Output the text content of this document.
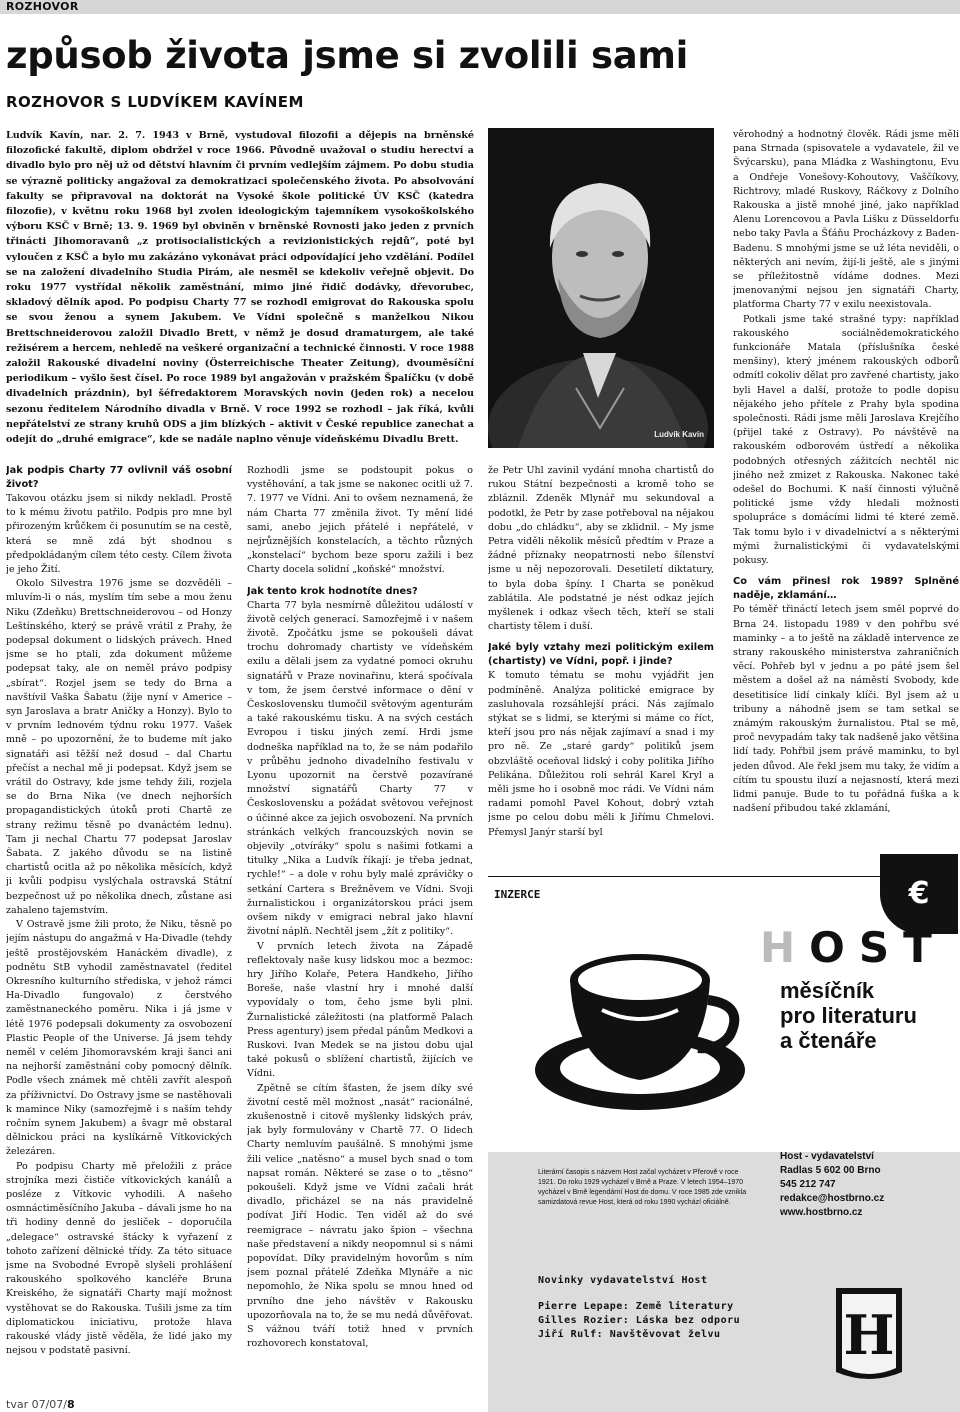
ROZHOVOR
způsob života jsme si zvolili sami
ROZHOVOR S LUDVÍKEM KAVÍNEM

Ludvík Kavín, nar. 2. 7. 1943 v Brně, vystudoval filozofii a dějepis na brněnské filozofické fakultě, diplom obdržel v roce 1966. Původně uvažoval o studiu herectví a divadlo bylo pro něj už od dětství hlavním či prvním vedlejším zájmem. Po dobu studia se výrazně politicky angažoval za demokratizaci společenského života. Po absolvování fakulty se připravoval na doktorát na Vysoké škole politické ÚV KSČ (katedra filozofie), v květnu roku 1968 byl zvolen ideologickým tajemníkem vysokoškolského výboru KSČ v Brně; 13. 9. 1969 byl obviněn v brněnské Rovnosti jako jeden z prvních třinácti Jihomoravanů „z protisocialistických a revizionistických rejdů“, poté byl vyloučen z KSČ a bylo mu zakázáno vykonávat práci odpovídající jeho vzdělání. Podílel se na založení divadelního Studia Pirám, ale nesměl se kdekoliv veřejně objevit. Do roku 1977 vystřídal několik zaměstnání, mimo jiné řidič dodávky, dřevorubec, skladový dělník apod. Po podpisu Charty 77 se rozhodl emigrovat do Rakouska spolu se svou ženou a synem Jakubem. Ve Vídni společně s manželkou Nikou Brettschneiderovou založil Divadlo Brett, v němž je dosud dramaturgem, ale také režisérem a hercem, nehledě na veškeré organizační a technické činnosti. V roce 1988 založil Rakouské divadelní noviny (Österreichische Theater Zeitung), dvouměsíční periodikum – vyšlo šest čísel. Po roce 1989 byl angažován v pražském Špalíčku (v době divadelních prázdnin), byl šéfredaktorem Moravských novin (jeden rok) a necelou sezonu ředitelem Národního divadla v Brně. V roce 1992 se rozhodl – jak říká, kvůli nepřátelství ze strany kruhů ODS a jim blízkých – aktivit v České republice zanechat a odejít do „druhé emigrace“, kde se nadále naplno věnuje vídeňskému Divadlu Brett.	Ludvík Kavín

Jak podpis Charty 77 ovlivnil váš osobní život?

Takovou otázku jsem si nikdy nekladl. Prostě to k mému životu patřilo. Podpis pro mne byl přirozeným krůčkem či posunutím se na cestě, která se mně zdá být shodnou s předpokládaným cílem této cesty. Cílem života je jeho Žití.

Okolo Silvestra 1976 jsme se dozvěděli – mluvím-li o nás, myslím tím sebe a mou ženu Niku (Zdeňku) Brettschneiderovou – od Honzy Leštínského, který se právě vrátil z Prahy, že podepsal dokument o lidských právech. Hned jsme se ho ptali, zda dokument můžeme podepsat taky, ale on neměl právo podpisy „sbírat“. Rozjel jsem se tedy do Brna a navštívil Vaška Šabatu (žije nyní v Americe – syn Jaroslava a bratr Aničky a Honzy). Bylo to v prvním lednovém týdnu roku 1977. Vašek mně – po upozornění, že to budeme mít jako signatáři asi těžší než dosud – dal Chartu přečíst a nechal mě ji podepsat. Když jsem se vrátil do Ostravy, kde jsme tehdy žili, rozjela se do Brna Nika (ve dnech nejhorších propagandistických útoků proti Chartě ze strany režimu těsně po dvanáctém lednu). Tam ji nechal Chartu 77 podepsat Jaroslav Šabata. Z jakého důvodu se na listině chartistů ocitla až po několika měsících, když ji kvůli podpisu vyslýchala ostravská Státní bezpečnost už po několika dnech, zůstane asi zahaleno tajemstvím.

V Ostravě jsme žili proto, že Niku, těsně po jejím nástupu do angažmá v Ha-Divadle (tehdy ještě prostějovském Hanáckém divadle), z podnětu StB vyhodil zaměstnavatel (ředitel Okresního kulturního střediska, v jehož rámci Ha-Divadlo fungovalo) z čerstvého zaměstnaneckého poměru. Nika i já jsme v létě 1976 podepsali dokumenty za osvobození Plastic People of the Universe. Já jsem tehdy neměl v celém Jihomoravském kraji šanci ani na nejhorší zaměstnání coby pomocný dělník. Podle všech známek mě chtěli zavřít alespoň za příživnictví. Do Ostravy jsme se nastěhovali k mamince Niky (samozřejmě i s naším tehdy ročním synem Jakubem) a švagr mě obstaral dělnickou práci na kyslíkárně Vítkovických železáren.

Po podpisu Charty mě přeložili z práce strojníka mezi čističe vítkovických kanálů a posléze z Vítkovic vyhodili. A našeho osmnáctiměsíčního Jakuba – dávali jsme ho na tři hodiny denně do jesliček – doporučila „delegace“ ostravské štácky k vyřazení z tohoto zařízení dělnické třídy. Za této situace jsme na Svobodné Evropě slyšeli prohlášení rakouského spolkového kancléře Bruna Kreiského, že signatáři Charty mají možnost vystěhovat se do Rakouska. Tušili jsme za tím diplomatickou iniciativu, protože hlava rakouské vlády jistě věděla, že lidé jako my nejsou v podstatě pasivní.

Rozhodli jsme se podstoupit pokus o vystěhování, a tak jsme se nakonec ocitli už 7. 7. 1977 ve Vídni. Ani to ovšem neznamená, že nám Charta 77 změnila život. Ty mění lidé sami, anebo jejich přátelé i nepřátelé, v nejrůznějších konstelacích, a těchto různých „konstelací“ bychom beze sporu zažili i bez Charty docela solidní „koňské“ množství.

Jak tento krok hodnotíte dnes?

Charta 77 byla nesmírně důležitou událostí v životě celých generací. Samozřejmě i v našem životě. Zpočátku jsme se pokoušeli dávat trochu dohromady chartisty ve vídeňském exilu a dělali jsem za vydatné pomoci okruhu signatářů v Praze novinařinu, která spočívala v tom, že jsem čerstvé informace o dění v Československu tlumočil světovým agenturám a také rakouskému tisku. A na svých cestách Evropou i tisku jiných zemí. Hrdi jsme dodneška například na to, že se nám podařilo v průběhu jednoho divadelního festivalu v Lyonu upozornit na čerstvě pozavírané množství signatářů Charty 77 v Československu a požádat světovou veřejnost o účinné akce za jejich osvobození. Na prvních stránkách velkých francouzských novin se objevily „otvíráky“ spolu s našimi fotkami a titulky „Nika a Ludvík říkají: je třeba jednat, rychle!“ – a dole v rohu byly malé zprávičky o setkání Cartera s Brežněvem ve Vídni. Svoji žurnalistickou i organizátorskou práci jsem ovšem nikdy v emigraci nebral jako hlavní životní náplň. Nechtěl jsem „žít z politiky“.

V prvních letech života na Západě reflektovaly naše kusy lidskou moc a bezmoc: hry Jiřího Kolaře, Petera Handkeho, Jiřího Boreše, naše vlastní hry i mnohé další vypovídaly o tom, čeho jsme byli plni. Žurnalistické záležitosti (na platformě Palach Press agentury) jsem předal pánům Medkovi a Ruskovi. Ivan Medek se na jistou dobu ujal také pokusů o sblížení chartistů, žijících ve Vídni.

Zpětně se cítím šťasten, že jsem díky své životní cestě měl možnost „nasát“ racionálné, zkušenostně i citově myšlenky lidských práv, jak byly formulovány v Chartě 77. O lidech Charty nemluvím paušálně. S mnohými jsme žili velice „natěsno“ a musel bych snad o tom napsat román. Některé se zase o to „těsno“ pokoušeli. Když jsme ve Vídni začali hrát divadlo, přicházel se na nás pravidelně podívat Jiří Hodic. Ten viděl až do své reemigrace – návratu jako špion – všechna naše představení a nikdy neopomnul si s námi popovídat. Díky pravidelným hovorům s ním jsem poznal přátelé Zdeňka Mlynáře a nic nepomohlo, že Nika spolu se mnou hned od prvního dne jeho návštěv v Rakousku upozorňovala na to, že se mu nedá důvěřovat. S vážnou tváří totiž hned v prvních rozhovorech konstatoval,

že Petr Uhl zavinil vydání mnoha chartistů do rukou Státní bezpečnosti a kromě toho se zbláznil. Zdeněk Mlynář mu sekundoval a podotkl, že Petr by zase potřeboval na nějakou dobu „do chládku“, aby se zklidnil. – My jsme Petra viděli několik měsíců předtím v Praze a žádné příznaky neopatrnosti nebo šílenství jsme u něj nepozorovali. Desetiletí diktatury, to byla doba špíny. I Charta se poněkud zablátila. Ale podstatné je nést odkaz jejích myšlenek i odkaz všech těch, kteří se stali chartisty tělem i duší.

Jaké byly vztahy mezi politickým exilem (chartisty) ve Vídni, popř. i jinde?

K tomuto tématu se mohu vyjádřit jen podmíněně. Analýza politické emigrace by zasluhovala rozsáhlejší práci. Nás zajímalo stýkat se s lidmi, se kterými si máme co říct, kteří jsou pro nás nějak zajímaví a snad i my pro ně. Ze „staré gardy“ politiků jsem obzvláště oceňoval lidský i coby politika Jiřího Pelikána. Důležitou roli sehrál Karel Kryl a měli jsme ho i osobně moc rádi. Ve Vídni nám radami pomohl Pavel Kohout, dobrý vztah jsme po celou dobu měli k Jiřímu Chmelovi. Přemysl Janýr starší byl

věrohodný a hodnotný člověk. Rádi jsme měli pana Strnada (spisovatele a vydavatele, žil ve Švýcarsku), pana Mládka z Washingtonu, Evu a Ondřeje Vonešovy-Kohoutovy, Vaščíkovy, Richtrovy, mladé Ruskovy, Ráčkovy z Dolního Rakouska a jistě mnohé jiné, jako například Alenu Lorencovou a Pavla Lišku z Düsseldorfu nebo taky Pavla a Šťáňu Procházkovy z Baden-Badenu. S mnohými jsme se už léta neviděli, o některých ani nevím, žijí-li ještě, ale s jinými se příležitostně vídáme dodnes. Mezi jmenovanými nejsou jen signatáři Charty, platforma Charty 77 v exilu neexistovala.

Potkali jsme také strašné typy: například rakouského sociálnědemokratického funkcionáře Matala (příslušníka české menšiny), který jménem rakouských odborů odmítl cokoliv dělat pro zavřené chartisty, jako byli Havel a další, protože to podle dopisu nějakého jeho přítele z Prahy byla spodina společnosti. Rádi jsme měli Jaroslava Krejčího (přijel také z Ostravy). Po návštěvě na rakouském odborovém ústředí a několika podobných otřesných zážitcích nechtěl nic jiného než zmizet z Rakouska. Nakonec také odešel do Bochumi. K naší činnosti výlučně politické jsme vždy hledali možnosti spolupráce s domácími lidmi té které země. Tak tomu bylo i v divadelnictví a s některými mými žurnalistickými či vydavatelskými pokusy.

Co vám přinesl rok 1989? Splněné naděje, zklamání…

Po téměř třináctí letech jsem směl poprvé do Brna 24. listopadu 1989 v den pohřbu své maminky – a to ještě na základě intervence ze strany rakouského ministerstva zahraničních věcí. Pohřeb byl v jednu a po páté jsem šel městem a došel až na náměstí Svobody, kde desetitisíce lidí cinkaly klíči. Byl jsem až u tribuny a náhodně jsem se tam setkal se známým rakouským žurnalistou. Ptal se mě, proč nevypadám taky tak nadšeně jako většina lidí tady. Pohřbil jsem právě maminku, to byl jeden důvod. Ale řekl jsem mu taky, že vidím a cítím tu spoustu iluzí a nejasností, která mezi lidmi panuje. Bude to tu pořádná fuška a k nadšení přibudou také zklamání,

INZERCE	€
HOST
měsíčník
pro literaturu
a čtenáře
Literární časopis s názvem Host začal vycházet v Přerově v roce 1921. Do roku 1929 vycházel v Brně a Praze. V letech 1954–1970 vycházel v Brně legendární Host do domu. V roce 1985 zde vznikla samizdatová revue Host, která od roku 1990 vychází oficiálně.
Host - vydavatelství
Radlas 5 602 00 Brno
545 212 747
redakce@hostbrno.cz
www.hostbrno.cz
Novinky vydavatelství Host
Pierre Lepape: Země literatury
Gilles Rozier: Láska bez odporu
Jiří Rulf: Navštěvovat želvu	H
tvar 07/07/8
